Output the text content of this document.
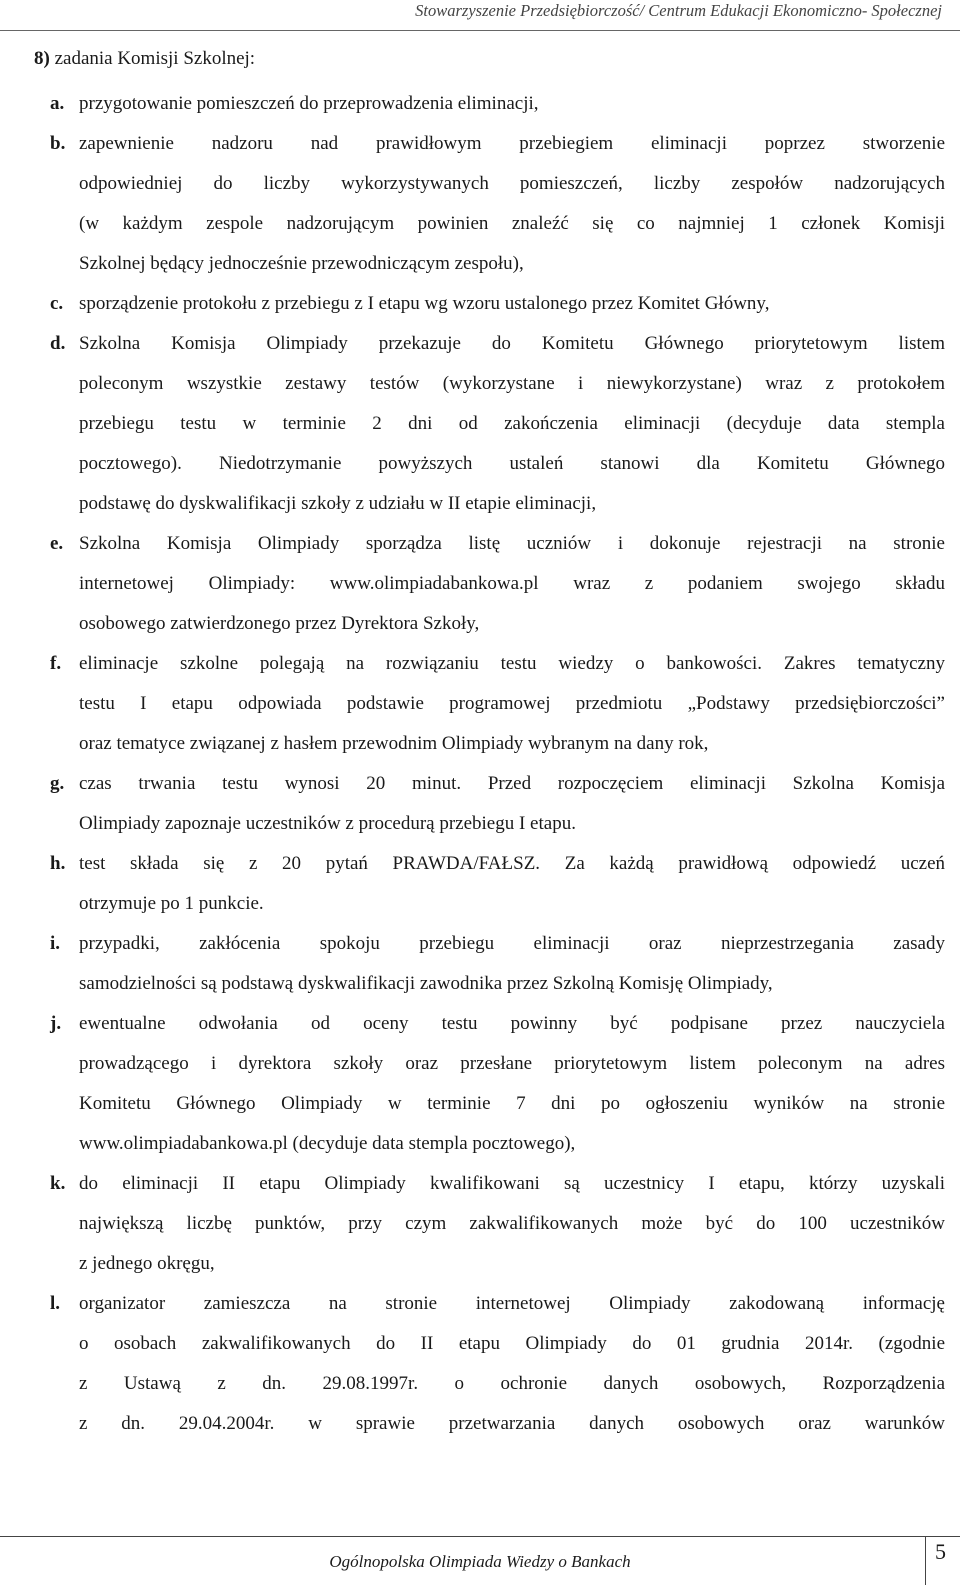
Stowarzyszenie Przedsiębiorczość/ Centrum Edukacji Ekonomiczno- Społecznej
8) zadania Komisji Szkolnej:
a. przygotowanie pomieszczeń do przeprowadzenia eliminacji,
b. zapewnienie nadzoru nad prawidłowym przebiegiem eliminacji poprzez stworzenie
odpowiedniej do liczby wykorzystywanych pomieszczeń, liczby zespołów nadzorujących
(w każdym zespole nadzorującym powinien znaleźć się co najmniej 1 członek Komisji
Szkolnej będący jednocześnie przewodniczącym zespołu),
c. sporządzenie protokołu z przebiegu z I etapu wg wzoru ustalonego przez Komitet Główny,
d. Szkolna Komisja Olimpiady przekazuje do Komitetu Głównego priorytetowym listem
poleconym wszystkie zestawy testów (wykorzystane i niewykorzystane) wraz z protokołem
przebiegu testu w terminie 2 dni od zakończenia eliminacji (decyduje data stempla
pocztowego). Niedotrzymanie powyższych ustaleń stanowi dla Komitetu Głównego
podstawę do dyskwalifikacji szkoły z udziału w II etapie eliminacji,
e. Szkolna Komisja Olimpiady sporządza listę uczniów i dokonuje rejestracji na stronie
internetowej Olimpiady: www.olimpiadabankowa.pl wraz z podaniem swojego składu
osobowego zatwierdzonego przez Dyrektora Szkoły,
f. eliminacje szkolne polegają na rozwiązaniu testu wiedzy o bankowości. Zakres tematyczny
testu I etapu odpowiada podstawie programowej przedmiotu „Podstawy przedsiębiorczości”
oraz tematyce związanej z hasłem przewodnim Olimpiady wybranym na dany rok,
g. czas trwania testu wynosi 20 minut. Przed rozpoczęciem eliminacji Szkolna Komisja
Olimpiady zapoznaje uczestników z procedurą przebiegu I etapu.
h. test składa się z 20 pytań PRAWDA/FAŁSZ. Za każdą prawidłową odpowiedź uczeń
otrzymuje po 1 punkcie.
i. przypadki, zakłócenia spokoju przebiegu eliminacji oraz nieprzestrzegania zasady
samodzielności są podstawą dyskwalifikacji zawodnika przez Szkolną Komisję Olimpiady,
j. ewentualne odwołania od oceny testu powinny być podpisane przez nauczyciela
prowadzącego i dyrektora szkoły oraz przesłane priorytetowym listem poleconym na adres
Komitetu Głównego Olimpiady w terminie 7 dni po ogłoszeniu wyników na stronie
www.olimpiadabankowa.pl (decyduje data stempla pocztowego),
k. do eliminacji II etapu Olimpiady kwalifikowani są uczestnicy I etapu, którzy uzyskali
największą liczbę punktów, przy czym zakwalifikowanych może być do 100 uczestników
z jednego okręgu,
l. organizator zamieszcza na stronie internetowej Olimpiady zakodowaną informację
o osobach zakwalifikowanych do II etapu Olimpiady do 01 grudnia 2014r. (zgodnie
z Ustawą z dn. 29.08.1997r. o ochronie danych osobowych, Rozporządzenia
z dn. 29.04.2004r. w sprawie przetwarzania danych osobowych oraz warunków
Ogólnopolska Olimpiada Wiedzy o Bankach	5
